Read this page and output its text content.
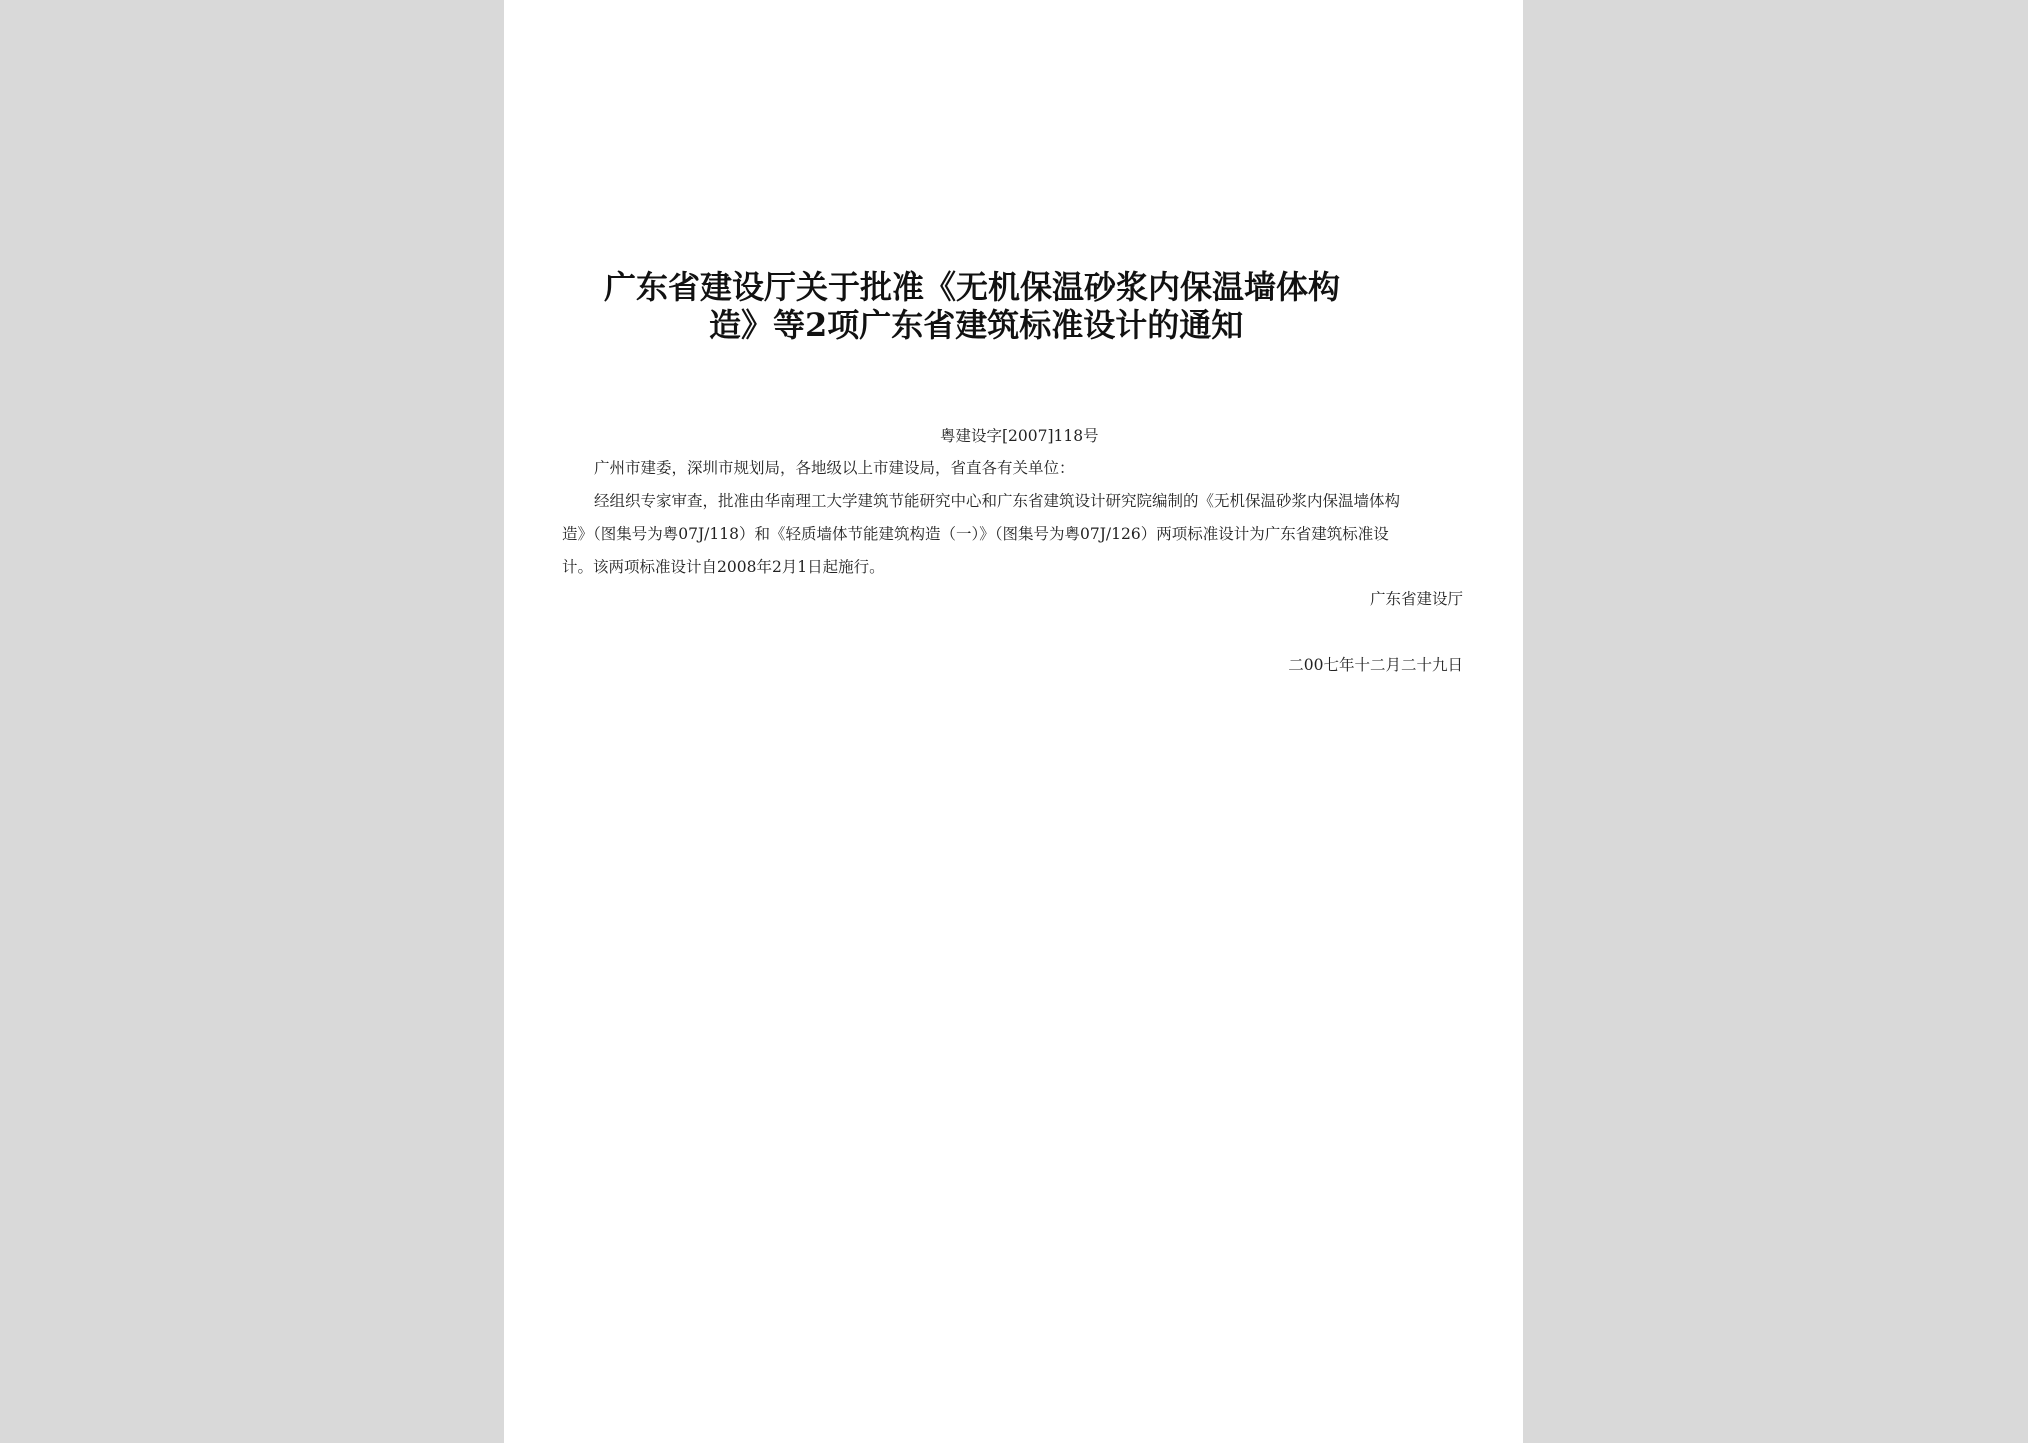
广东省建设厅关于批准《无机保温砂浆内保温墙体构
造》等2项广东省建筑标准设计的通知
粤建设字[2007]118号
广州市建委，深圳市规划局，各地级以上市建设局，省直各有关单位：
经组织专家审查，批准由华南理工大学建筑节能研究中心和广东省建筑设计研究院编制的《无机保温砂浆内保温墙体构
造》（图集号为粤07J/118）和《轻质墙体节能建筑构造（一）》（图集号为粤07J/126）两项标准设计为广东省建筑标准设
计。该两项标准设计自2008年2月1日起施行。
广东省建设厅
二00七年十二月二十九日
